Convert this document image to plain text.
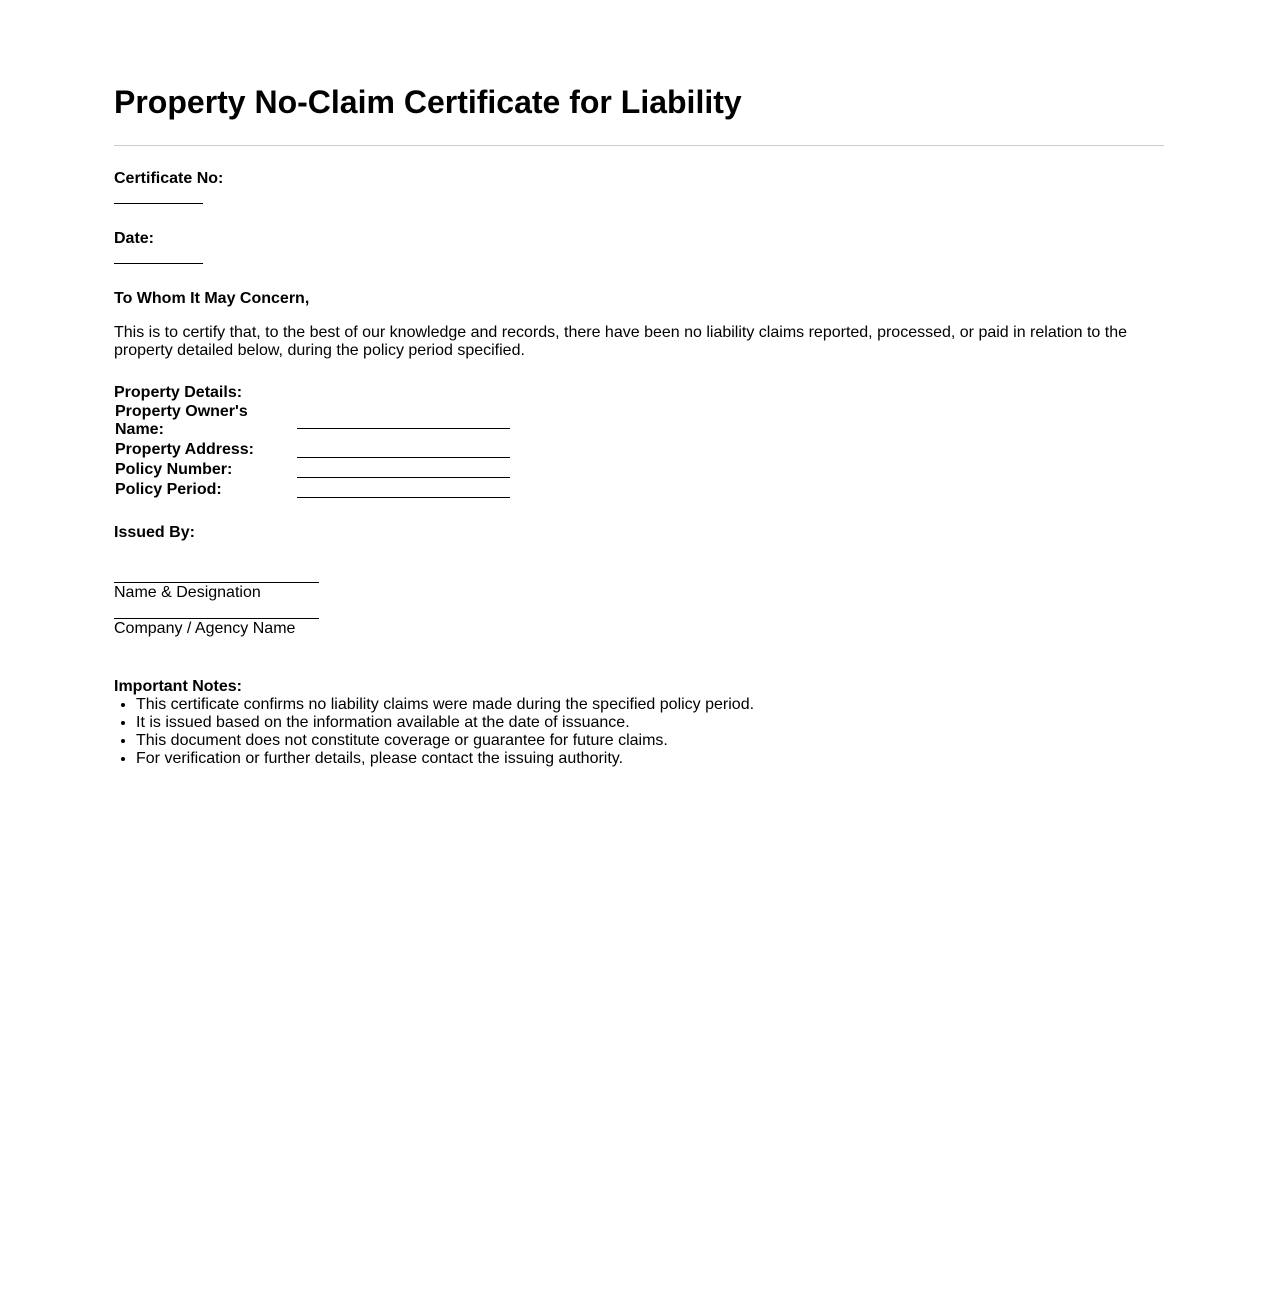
Property No-Claim Certificate for Liability
Certificate No:
Date:
To Whom It May Concern,

This is to certify that, to the best of our knowledge and records, there have been no liability claims reported, processed, or paid in relation to the property detailed below, during the policy period specified.

Property Details:
Property Owner's Name:
Property Address:
Policy Number:
Policy Period:
Issued By:
Name & Designation
Company / Agency Name
Important Notes:
• This certificate confirms no liability claims were made during the specified policy period.
• It is issued based on the information available at the date of issuance.
• This document does not constitute coverage or guarantee for future claims.
• For verification or further details, please contact the issuing authority.
